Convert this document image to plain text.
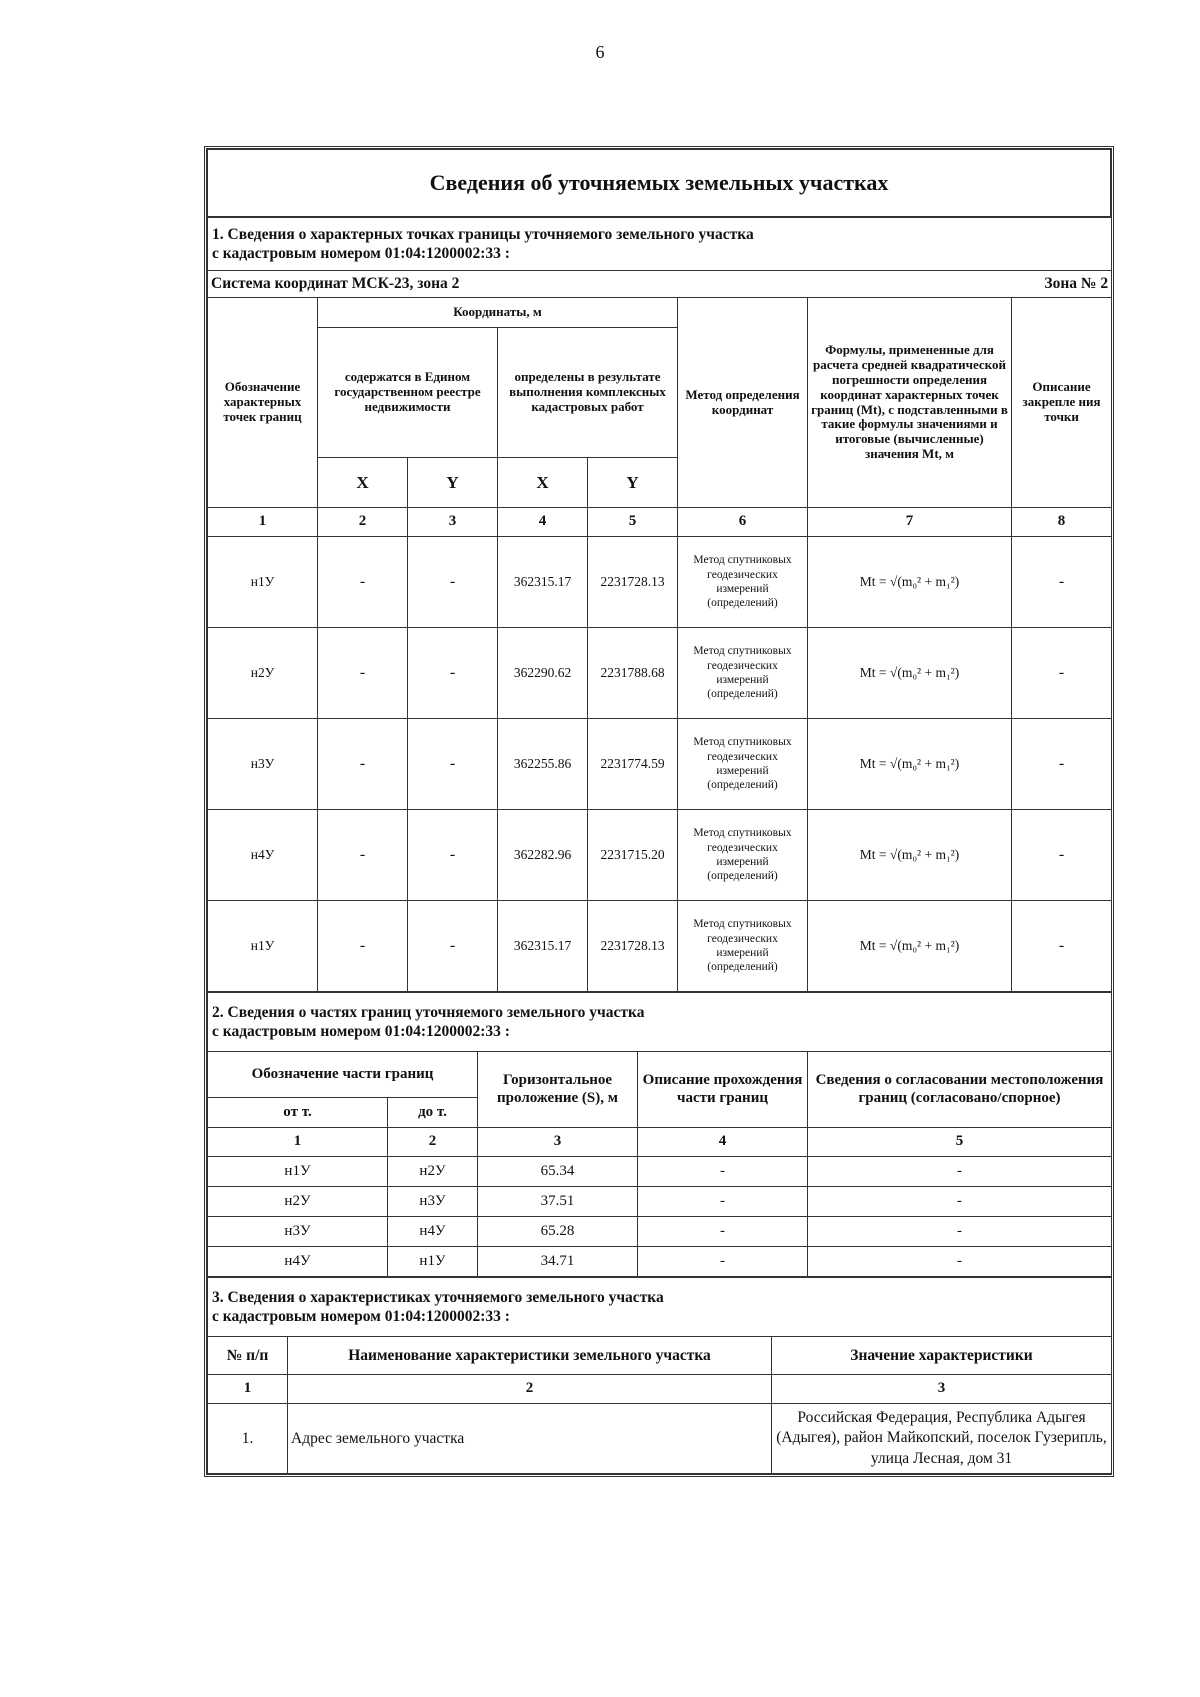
6
Сведения об уточняемых земельных участках
1. Сведения о характерных точках границы уточняемого земельного участка
с кадастровым номером 01:04:1200002:33 :							

Система координат МСК-23, зона 2 Зона № 2							

Обозначение характерных точек границ	Координаты, м				Метод определения координат	Формулы, примененные для расчета средней квадратической погрешности определения координат характерных точек границ (Mt), с подставленными в такие формулы значениями и итоговые (вычисленные) значения Mt, м	Описание закрепле ния точки
	содержатся в Едином государственном реестре недвижимости		определены в результате выполнения комплексных кадастровых работ				
	X	Y	X	Y			
1	2	3	4	5	6	7	8
н1У	-	-	362315.17	2231728.13	Метод спутниковых геодезических измерений (определений)	Mt = √(m₀² + m₁²)	-
н2У	-	-	362290.62	2231788.68	Метод спутниковых геодезических измерений (определений)	Mt = √(m₀² + m₁²)	-
н3У	-	-	362255.86	2231774.59	Метод спутниковых геодезических измерений (определений)	Mt = √(m₀² + m₁²)	-
н4У	-	-	362282.96	2231715.20	Метод спутниковых геодезических измерений (определений)	Mt = √(m₀² + m₁²)	-
н1У	-	-	362315.17	2231728.13	Метод спутниковых геодезических измерений (определений)	Mt = √(m₀² + m₁²)	-
2. Сведения о частях границ уточняемого земельного участка
с кадастровым номером 01:04:1200002:33 :				

Обозначение части границ		Горизонтальное проложение (S), м	Описание прохождения части границ	Сведения о согласовании местоположения границ (согласовано/спорное)
от т.	до т.			
1	2	3	4	5
н1У	н2У	65.34	-	-
н2У	н3У	37.51	-	-
н3У	н4У	65.28	-	-
н4У	н1У	34.71	-	-
3. Сведения о характеристиках уточняемого земельного участка
с кадастровым номером 01:04:1200002:33 :		

№ п/п	Наименование характеристики земельного участка	Значение характеристики
1	2	3
1.	Адрес земельного участка	Российская Федерация, Республика Адыгея (Адыгея), район Майкопский, поселок Гузерипль, улица Лесная, дом 31
